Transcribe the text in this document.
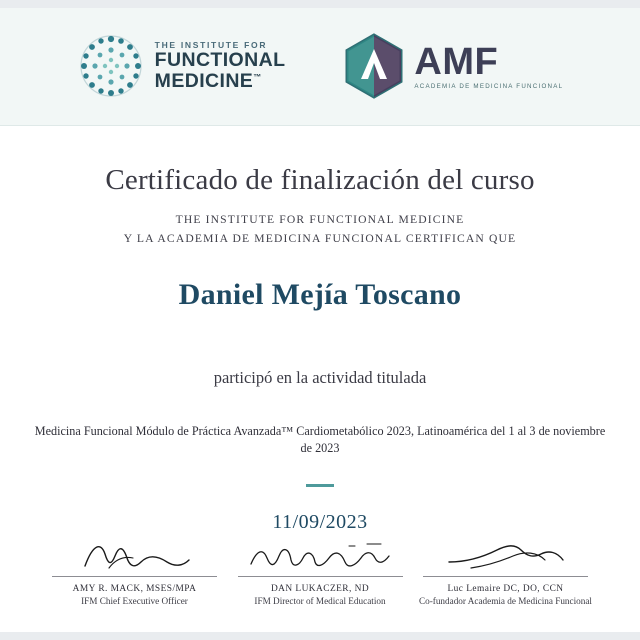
THE INSTITUTE FOR
FUNCTIONAL
MEDICINE™	AMF
ACADEMIA DE MEDICINA FUNCIONAL
Certificado de finalización del curso
THE INSTITUTE FOR FUNCTIONAL MEDICINE
Y LA ACADEMIA DE MEDICINA FUNCIONAL CERTIFICAN QUE
Daniel Mejía Toscano
participó en la actividad titulada
Medicina Funcional Módulo de Práctica Avanzada™ Cardiometabólico 2023, Latinoamérica del 1 al 3 de noviembre de 2023
11/09/2023
AMY R. MACK, MSES/MPA
IFM Chief Executive Officer
DAN LUKACZER, ND
IFM Director of Medical Education
Luc Lemaire DC, DO, CCN
Co-fundador Academia de Medicina Funcional
